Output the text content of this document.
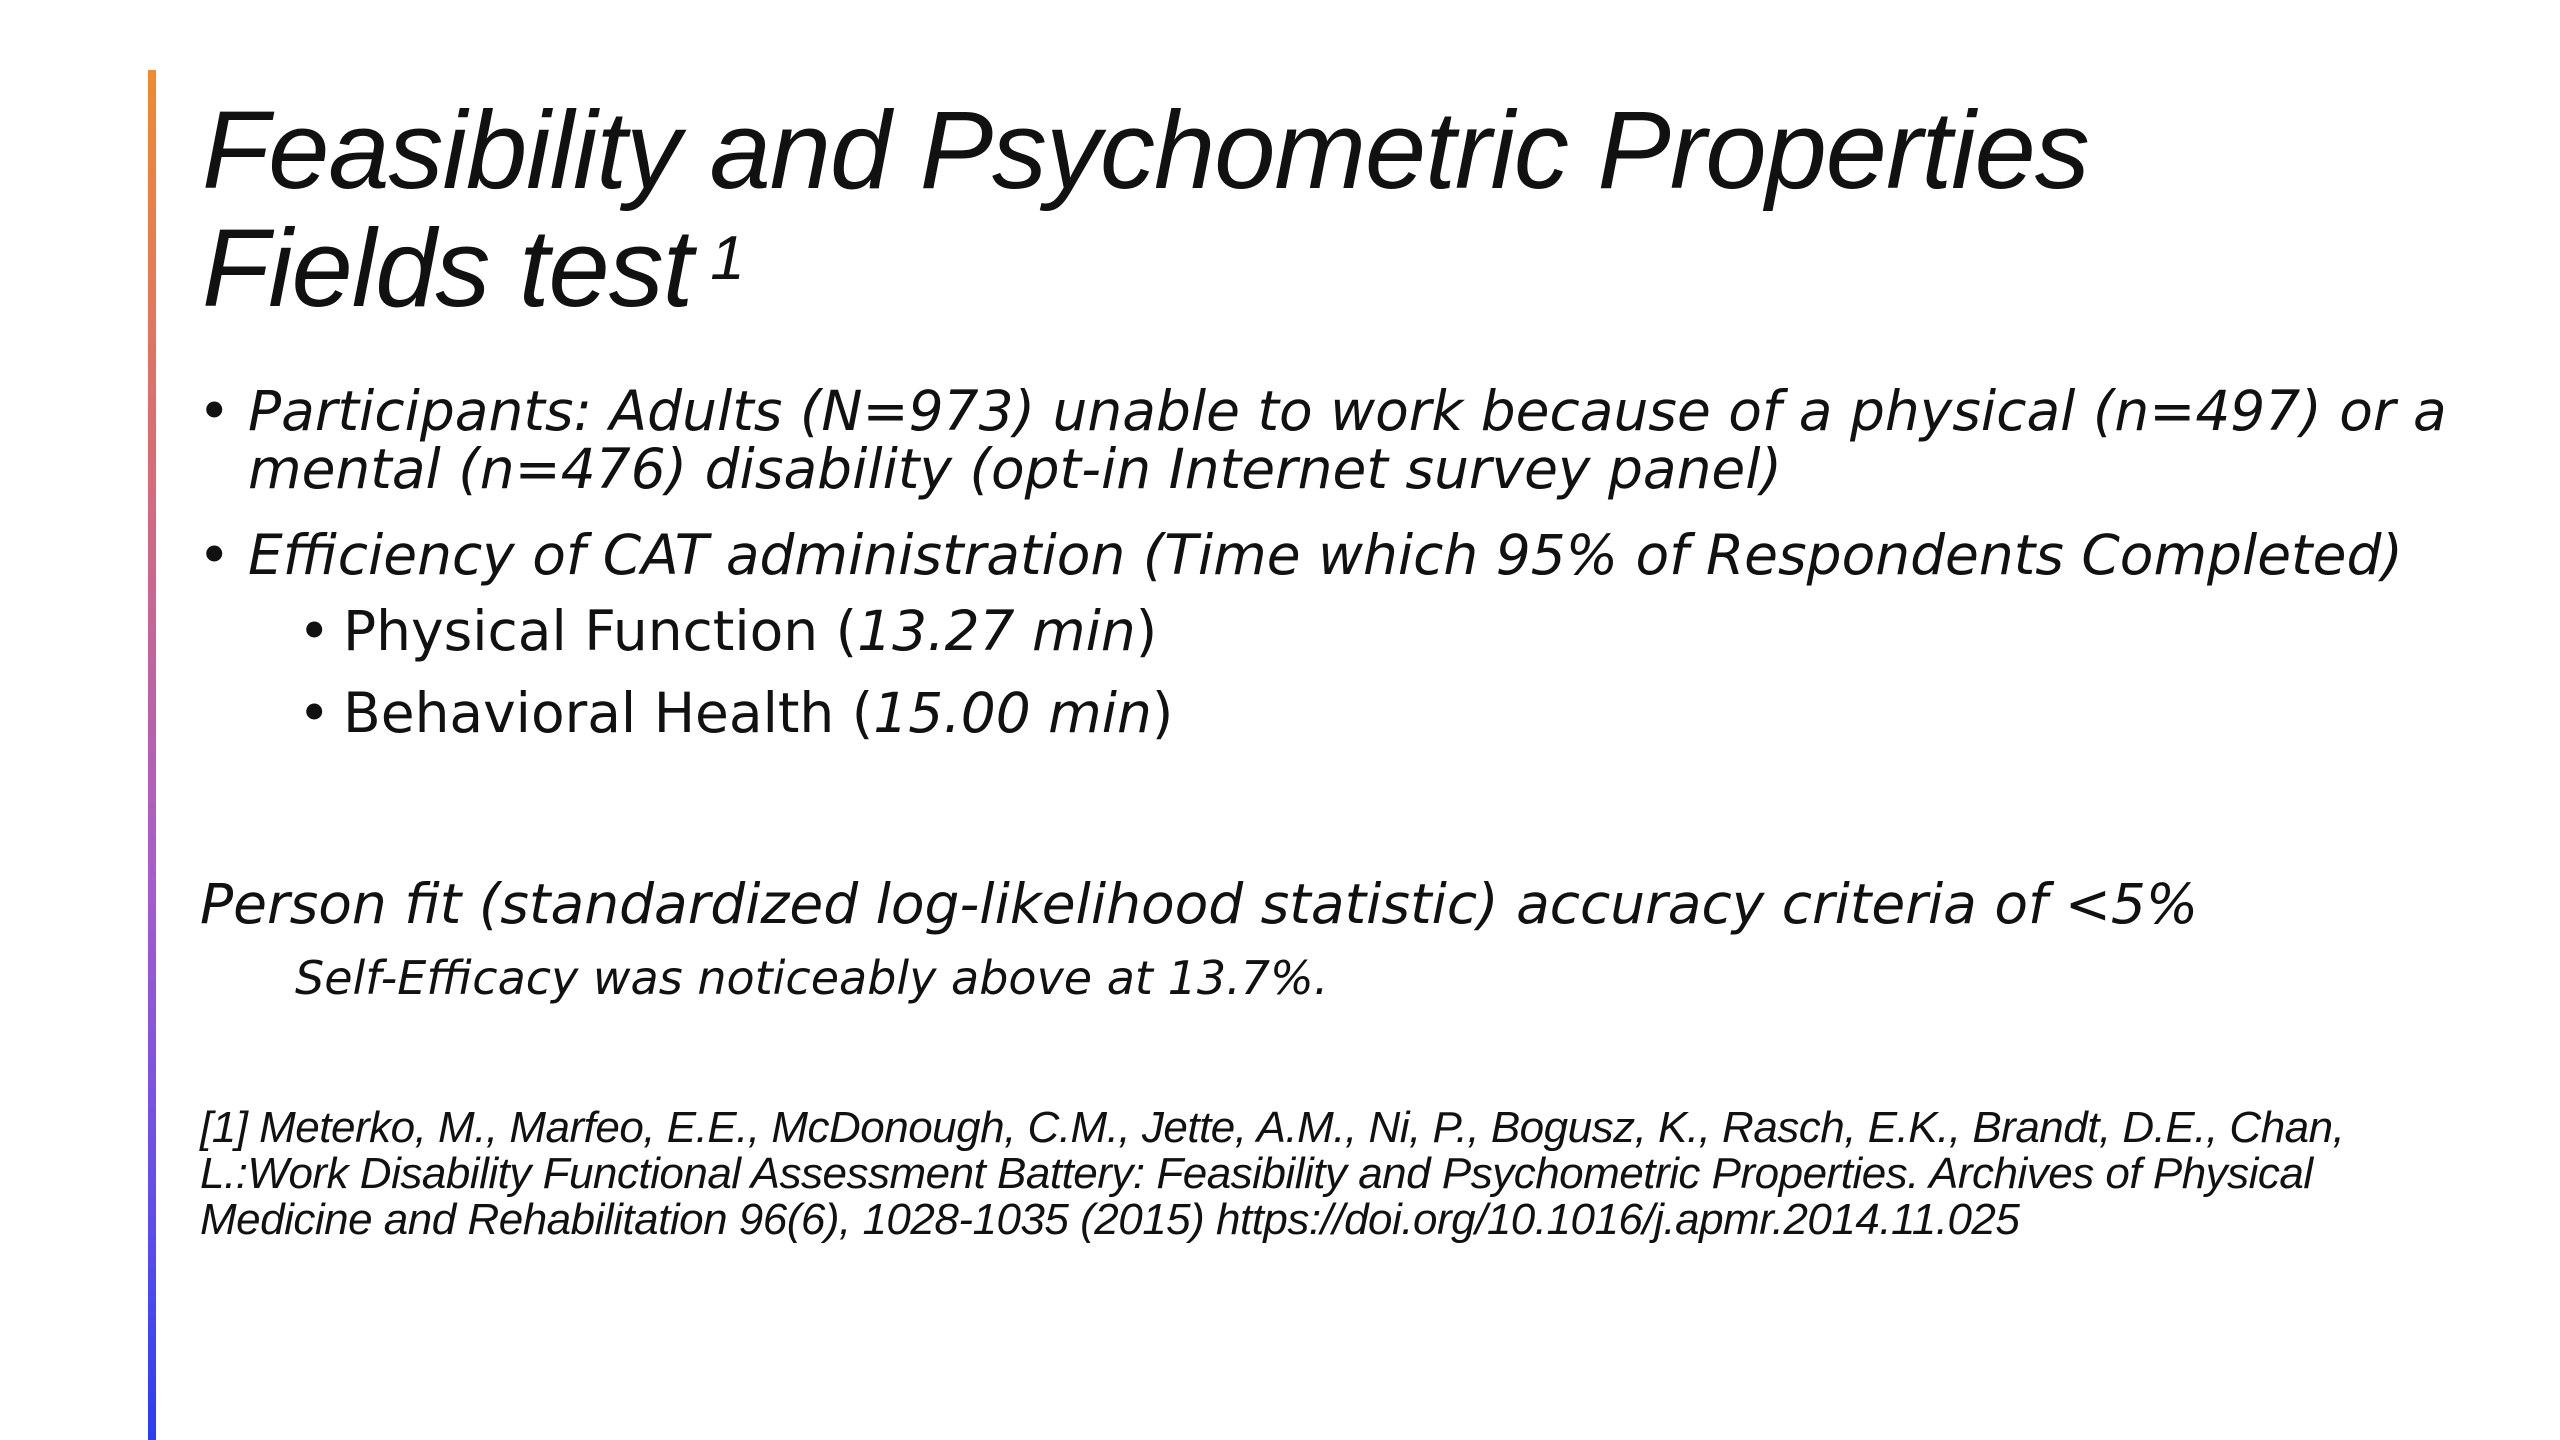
Feasibility and Psychometric Properties
Fields test $^1$
• Participants: Adults (N=973) unable to work because of a physical (n=497) or a mental (n=476) disability (opt-in Internet survey panel)
• Efficiency of CAT administration (Time which 95% of Respondents Completed)
• Physical Function (13.27 min)
• Behavioral Health (15.00 min)

Person fit (standardized log-likelihood statistic) accuracy criteria of <5%

Self-Efficacy was noticeably above at 13.7%.

[1] Meterko, M., Marfeo, E.E., McDonough, C.M., Jette, A.M., Ni, P., Bogusz, K., Rasch, E.K., Brandt, D.E., Chan, L.:Work Disability Functional Assessment Battery: Feasibility and Psychometric Properties. Archives of Physical Medicine and Rehabilitation 96(6), 1028-1035 (2015) https://doi.org/10.1016/j.apmr.2014.11.025
